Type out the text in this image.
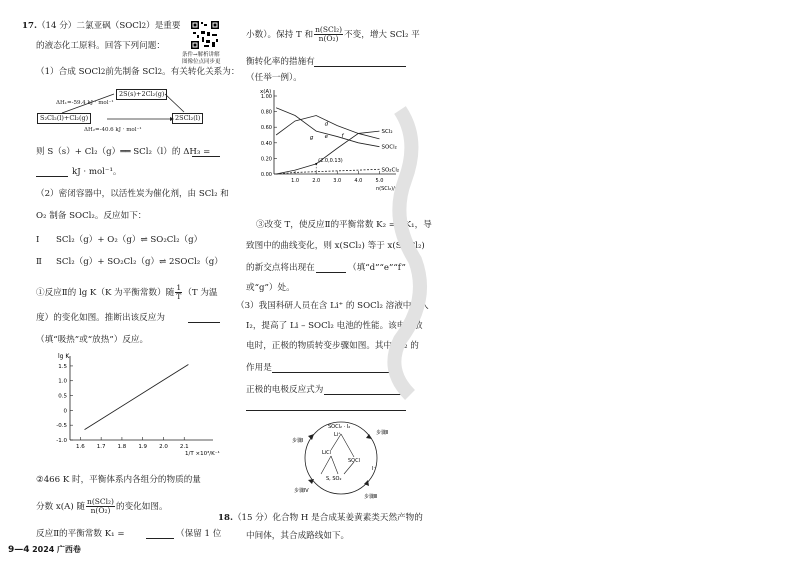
17.（14 分）二氯亚砜（SOCl2）是重要
条件→解析讲解
图像位点同步更
的液态化工原料。回答下列问题：
（1）合成 SOCl2前先制备 SCl2。有关转化关系为：
2S(s)+2Cl₂(g)
S₂Cl₂(l)+Cl₂(g)	2SCl₂(l)
ΔH₁=-59.4 kJ · mol⁻¹
ΔH₂=-40.6 kJ · mol⁻¹
则 S（s）+ Cl₂（g）══ SCl₂（l）的 ΔH₃ =
kJ · mol⁻¹。
（2）密闭容器中，以活性炭为催化剂，由 SCl₂ 和
O₂ 制备 SOCl₂。反应如下：
Ⅰ SCl₂（g）+ O₂（g）⇌ SO₂Cl₂（g）
Ⅱ SCl₂（g）+ SO₂Cl₂（g）⇌ 2SOCl₂（g）
①反应Ⅱ的 lg K（K 为平衡常数）随 $\frac{1}{T} (T$ 为温
度）的变化如图。推断出该反应为
（填“吸热”或“放热”）反应。
lg K
1.5
1.0
0.5
0
-0.5
-1.0
1.6 1.7 1.8 1.9 2.0 2.1
1/T ×10³/K⁻¹
②466 K 时，平衡体系内各组分的物质的量
分数 x(A) 随 $\frac{\text{n(SCl₂)}}{\text{n(O₂)}}$ 的变化如图。
反应Ⅱ的平衡常数 K₁ =	（保留 1 位
9—4 2024 广西卷
小数）。保持 T 和 $\frac{\text{n(SCl₂)}}{\text{n(O₂)}}$ 不变，增大 SCl₂ 平
衡转化率的措施有
（任举一例）。
x(A)
1.00
0.80
0.60
0.40
0.20
0.00
1.0	2.0	3.0	4.0	5.0
n(SCl₂)/n(O₂)
SCl₂
SOCl₂
SO₂Cl₂
(2.0,0.13)
d
e f
g
③改变 T，使反应Ⅱ的平衡常数 $K_2 = \frac{1}{8} K_1$，导
致图中的曲线变化，则 x(SCl₂) 等于 x(SOCl₂)
的新交点将出现在	（填“d”“e”“f”
或“g”）处。
（3）我国科研人员在含 Li⁺ 的 SOCl₂ 溶液中加入
I₂，提高了 Li – SOCl₂ 电池的性能。该电池放
电时，正极的物质转变步骤如图。其中，I₂ 的
作用是
正极的电极反应式为
SOCl₂ · I₂
Li⁺
LiCl
SOCl
S, SO₂
I⁻
步骤Ⅰ
步骤Ⅱ
步骤Ⅲ
步骤Ⅳ
18.（15 分）化合物 H 是合成某姜黄素类天然产物的
中间体，其合成路线如下。
